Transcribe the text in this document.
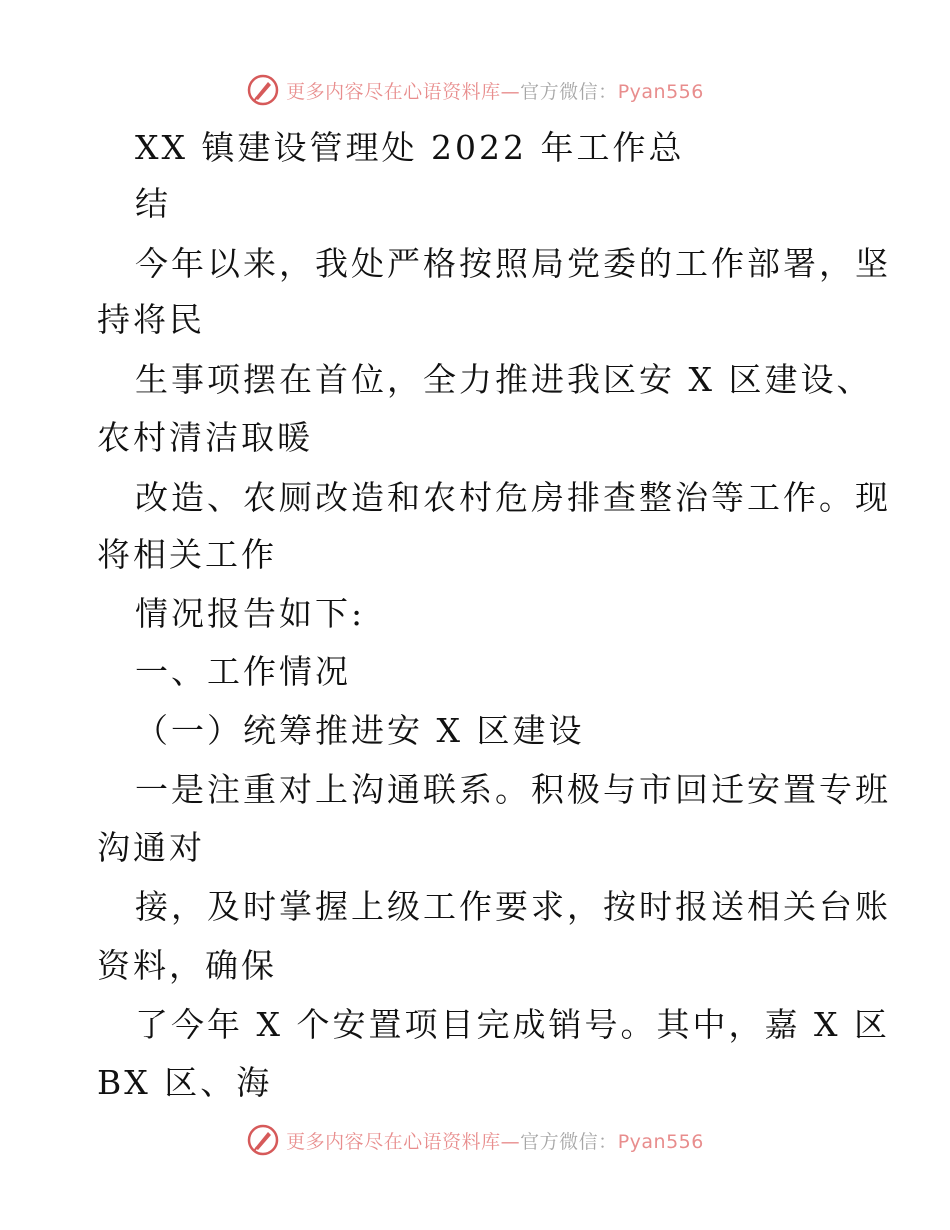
更多内容尽在心语资料库—官方微信：Pyan556
XX 镇建设管理处 2022 年工作总
结
今年以来，我处严格按照局党委的工作部署，坚
持将民
生事项摆在首位，全力推进我区安 X 区建设、
农村清洁取暖
改造、农厕改造和农村危房排查整治等工作。现
将相关工作
情况报告如下:
一、工作情况
（一）统筹推进安 X 区建设
一是注重对上沟通联系。积极与市回迁安置专班
沟通对
接，及时掌握上级工作要求，按时报送相关台账
资料，确保
了今年 X 个安置项目完成销号。其中，嘉 X 区
BX 区、海
更多内容尽在心语资料库—官方微信：Pyan556
